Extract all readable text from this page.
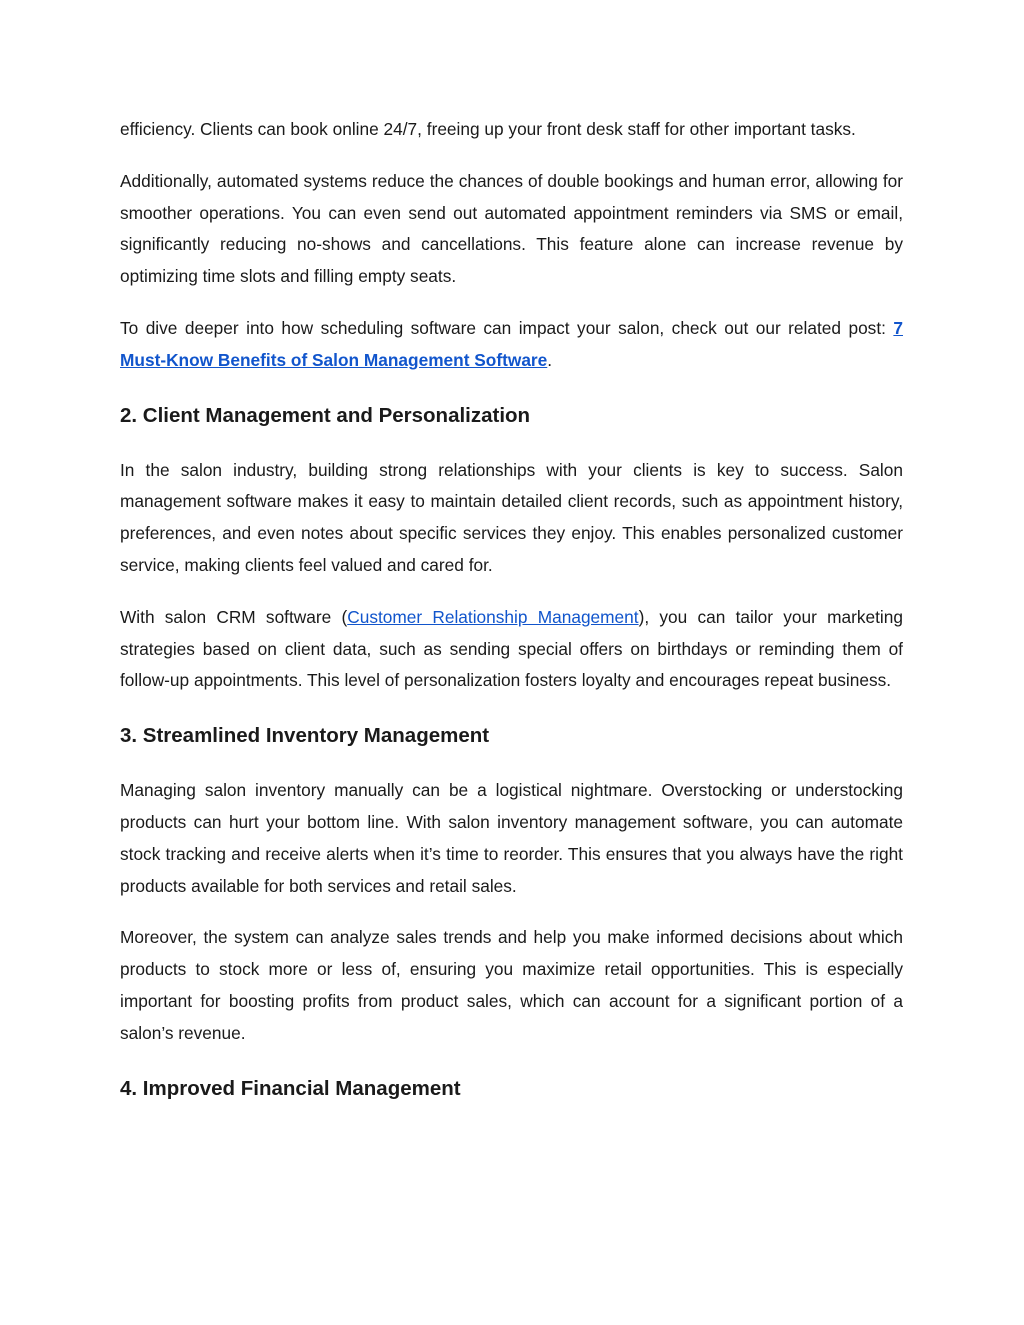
efficiency. Clients can book online 24/7, freeing up your front desk staff for other important tasks.

Additionally, automated systems reduce the chances of double bookings and human error, allowing for smoother operations. You can even send out automated appointment reminders via SMS or email, significantly reducing no-shows and cancellations. This feature alone can increase revenue by optimizing time slots and filling empty seats.

To dive deeper into how scheduling software can impact your salon, check out our related post: 7 Must-Know Benefits of Salon Management Software.

2. Client Management and Personalization

In the salon industry, building strong relationships with your clients is key to success. Salon management software makes it easy to maintain detailed client records, such as appointment history, preferences, and even notes about specific services they enjoy. This enables personalized customer service, making clients feel valued and cared for.

With salon CRM software (Customer Relationship Management), you can tailor your marketing strategies based on client data, such as sending special offers on birthdays or reminding them of follow-up appointments. This level of personalization fosters loyalty and encourages repeat business.

3. Streamlined Inventory Management

Managing salon inventory manually can be a logistical nightmare. Overstocking or understocking products can hurt your bottom line. With salon inventory management software, you can automate stock tracking and receive alerts when it’s time to reorder. This ensures that you always have the right products available for both services and retail sales.

Moreover, the system can analyze sales trends and help you make informed decisions about which products to stock more or less of, ensuring you maximize retail opportunities. This is especially important for boosting profits from product sales, which can account for a significant portion of a salon’s revenue.

4. Improved Financial Management
